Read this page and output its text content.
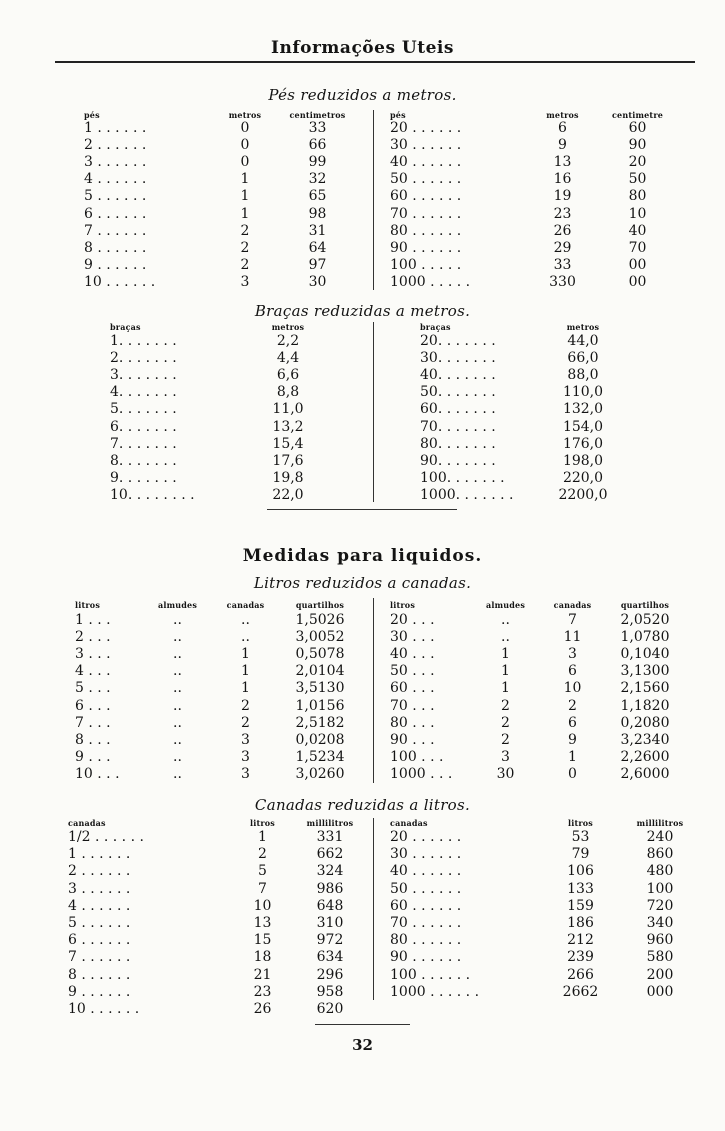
Informações Uteis
Pés reduzidos a metros.
pés	metros	centimetros	pés	metros	centimetre
1 . . . . . .	0	33	20 . . . . . .	6	60
2 . . . . . .	0	66	30 . . . . . .	9	90
3 . . . . . .	0	99	40 . . . . . .	13	20
4 . . . . . .	1	32	50 . . . . . .	16	50
5 . . . . . .	1	65	60 . . . . . .	19	80
6 . . . . . .	1	98	70 . . . . . .	23	10
7 . . . . . .	2	31	80 . . . . . .	26	40
8 . . . . . .	2	64	90 . . . . . .	29	70
9 . . . . . .	2	97	100 . . . . .	33	00
10 . . . . . .	3	30	1000 . . . . .	330	00
Braças reduzidas a metros.
braças	metros	braças	metros
1. . . . . . .	2,2	20. . . . . . .	44,0
2. . . . . . .	4,4	30. . . . . . .	66,0
3. . . . . . .	6,6	40. . . . . . .	88,0
4. . . . . . .	8,8	50. . . . . . .	110,0
5. . . . . . .	11,0	60. . . . . . .	132,0
6. . . . . . .	13,2	70. . . . . . .	154,0
7. . . . . . .	15,4	80. . . . . . .	176,0
8. . . . . . .	17,6	90. . . . . . .	198,0
9. . . . . . .	19,8	100. . . . . . .	220,0
10. . . . . . . .	22,0	1000. . . . . . .	2200,0
Medidas para liquidos.
Litros reduzidos a canadas.
litros	almudes	canadas	quartilhos	litros	almudes	canadas	quartilhos
1 . . .	..	..	1,5026	20 . . .	..	7	2,0520
2 . . .	..	..	3,0052	30 . . .	..	11	1,0780
3 . . .	..	1	0,5078	40 . . .	1	3	0,1040
4 . . .	..	1	2,0104	50 . . .	1	6	3,1300
5 . . .	..	1	3,5130	60 . . .	1	10	2,1560
6 . . .	..	2	1,0156	70 . . .	2	2	1,1820
7 . . .	..	2	2,5182	80 . . .	2	6	0,2080
8 . . .	..	3	0,0208	90 . . .	2	9	3,2340
9 . . .	..	3	1,5234	100 . . .	3	1	2,2600
10 . . .	..	3	3,0260	1000 . . .	30	0	2,6000
Canadas reduzidas a litros.
canadas	litros	millilitros	canadas	litros	millilitros
1/2 . . . . . .	1	331	20 . . . . . .	53	240
1 . . . . . .	2	662	30 . . . . . .	79	860
2 . . . . . .	5	324	40 . . . . . .	106	480
3 . . . . . .	7	986	50 . . . . . .	133	100
4 . . . . . .	10	648	60 . . . . . .	159	720
5 . . . . . .	13	310	70 . . . . . .	186	340
6 . . . . . .	15	972	80 . . . . . .	212	960
7 . . . . . .	18	634	90 . . . . . .	239	580
8 . . . . . .	21	296	100 . . . . . .	266	200
9 . . . . . .	23	958	1000 . . . . . .	2662	000
10 . . . . . .	26	620
32
